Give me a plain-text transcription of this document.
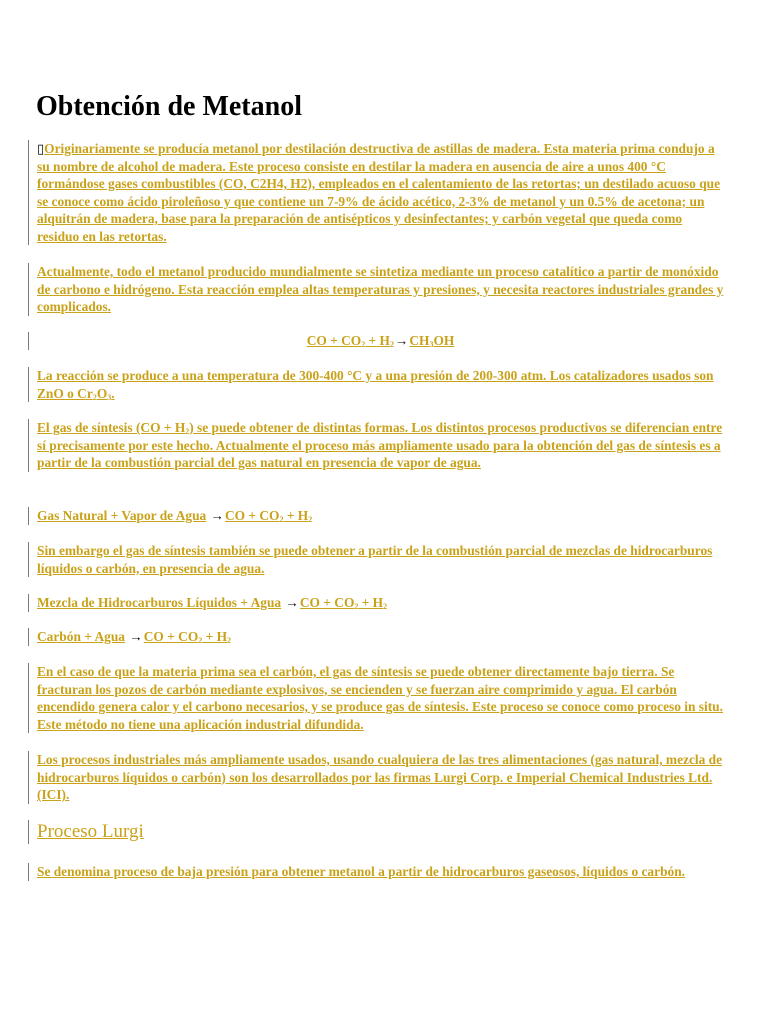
Obtención de Metanol

▯Originariamente se producía metanol por destilación destructiva de astillas de madera. Esta materia prima condujo a su nombre de alcohol de madera. Este proceso consiste en destilar la madera en ausencia de aire a unos 400 °C formándose gases combustibles (CO, C2H4, H2), empleados en el calentamiento de las retortas; un destilado acuoso que se conoce como ácido piroleñoso y que contiene un 7-9% de ácido acético, 2-3% de metanol y un 0.5% de acetona; un alquitrán de madera, base para la preparación de antisépticos y desinfectantes; y carbón vegetal que queda como residuo en las retortas.

Actualmente, todo el metanol producido mundialmente se sintetiza mediante un proceso catalítico a partir de monóxido de carbono e hidrógeno. Esta reacción emplea altas temperaturas y presiones, y necesita reactores industriales grandes y complicados.

CO + $CO_2 + H_2\to CH_3OH$

La reacción se produce a una temperatura de 300-400 °C y a una presión de 200-300 atm. Los catalizadores usados son ZnO o $Cr_2O_3$.

El gas de síntesis $(CO + H_2)$ se puede obtener de distintas formas. Los distintos procesos productivos se diferencian entre sí precisamente por este hecho. Actualmente el proceso más ampliamente usado para la obtención del gas de síntesis es a partir de la combustión parcial del gas natural en presencia de vapor de agua.

Gas Natural + Vapor de Agua $\to CO + CO_2 + H_2$

Sin embargo el gas de síntesis también se puede obtener a partir de la combustión parcial de mezclas de hidrocarburos líquidos o carbón, en presencia de agua.

Mezcla de Hidrocarburos Líquidos + Agua $\to CO + CO_2 + H_2$
Carbón + Agua $\to CO + CO_2 + H_2$

En el caso de que la materia prima sea el carbón, el gas de síntesis se puede obtener directamente bajo tierra. Se fracturan los pozos de carbón mediante explosivos, se encienden y se fuerzan aire comprimido y agua. El carbón encendido genera calor y el carbono necesarios, y se produce gas de síntesis. Este proceso se conoce como proceso in situ. Este método no tiene una aplicación industrial difundida.

Los procesos industriales más ampliamente usados, usando cualquiera de las tres alimentaciones (gas natural, mezcla de hidrocarburos líquidos o carbón) son los desarrollados por las firmas Lurgi Corp. e Imperial Chemical Industries Ltd. (ICI).

Proceso Lurgi

Se denomina proceso de baja presión para obtener metanol a partir de hidrocarburos gaseosos, líquidos o carbón.
